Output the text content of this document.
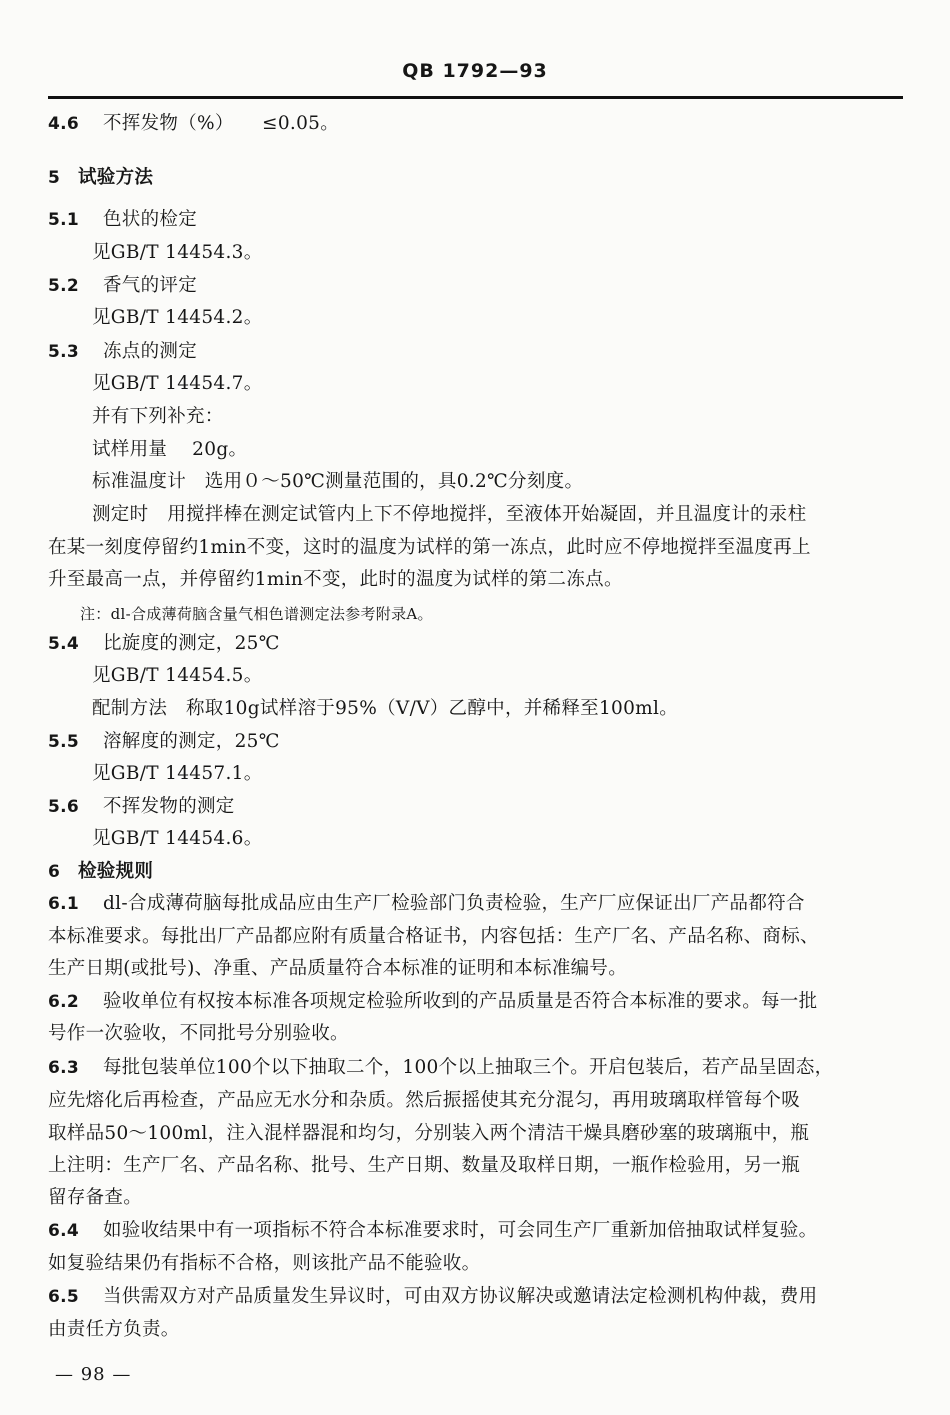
QB 1792—93
4.6 不挥发物（%）　　≤0.05。
5 试验方法
5.1 色状的检定
见GB/T 14454.3。
5.2 香气的评定
见GB/T 14454.2。
5.3 冻点的测定
见GB/T 14454.7。
并有下列补充：
试样用量　 20g。
标准温度计　选用０～50℃测量范围的，具0.2℃分刻度。
测定时　用搅拌棒在测定试管内上下不停地搅拌，至液体开始凝固，并且温度计的汞柱
在某一刻度停留约1min不变，这时的温度为试样的第一冻点，此时应不停地搅拌至温度再上
升至最高一点，并停留约1min不变，此时的温度为试样的第二冻点。
注：dl-合成薄荷脑含量气相色谱测定法参考附录A。
5.4 比旋度的测定，25℃
见GB/T 14454.5。
配制方法　称取10g试样溶于95%（V/V）乙醇中，并稀释至100ml。
5.5 溶解度的测定，25℃
见GB/T 14457.1。
5.6 不挥发物的测定
见GB/T 14454.6。
6 检验规则
6.1 dl-合成薄荷脑每批成品应由生产厂检验部门负责检验，生产厂应保证出厂产品都符合
本标准要求。每批出厂产品都应附有质量合格证书，内容包括：生产厂名、产品名称、商标、
生产日期(或批号)、净重、产品质量符合本标准的证明和本标准编号。
6.2 验收单位有权按本标准各项规定检验所收到的产品质量是否符合本标准的要求。每一批
号作一次验收，不同批号分别验收。
6.3 每批包装单位100个以下抽取二个，100个以上抽取三个。开启包装后，若产品呈固态，
应先熔化后再检查，产品应无水分和杂质。然后振摇使其充分混匀，再用玻璃取样管每个吸
取样品50～100ml，注入混样器混和均匀，分别装入两个清洁干燥具磨砂塞的玻璃瓶中，瓶
上注明：生产厂名、产品名称、批号、生产日期、数量及取样日期，一瓶作检验用，另一瓶
留存备查。
6.4 如验收结果中有一项指标不符合本标准要求时，可会同生产厂重新加倍抽取试样复验。
如复验结果仍有指标不合格，则该批产品不能验收。
6.5 当供需双方对产品质量发生异议时，可由双方协议解决或邀请法定检测机构仲裁，费用
由责任方负责。
— 98 —
